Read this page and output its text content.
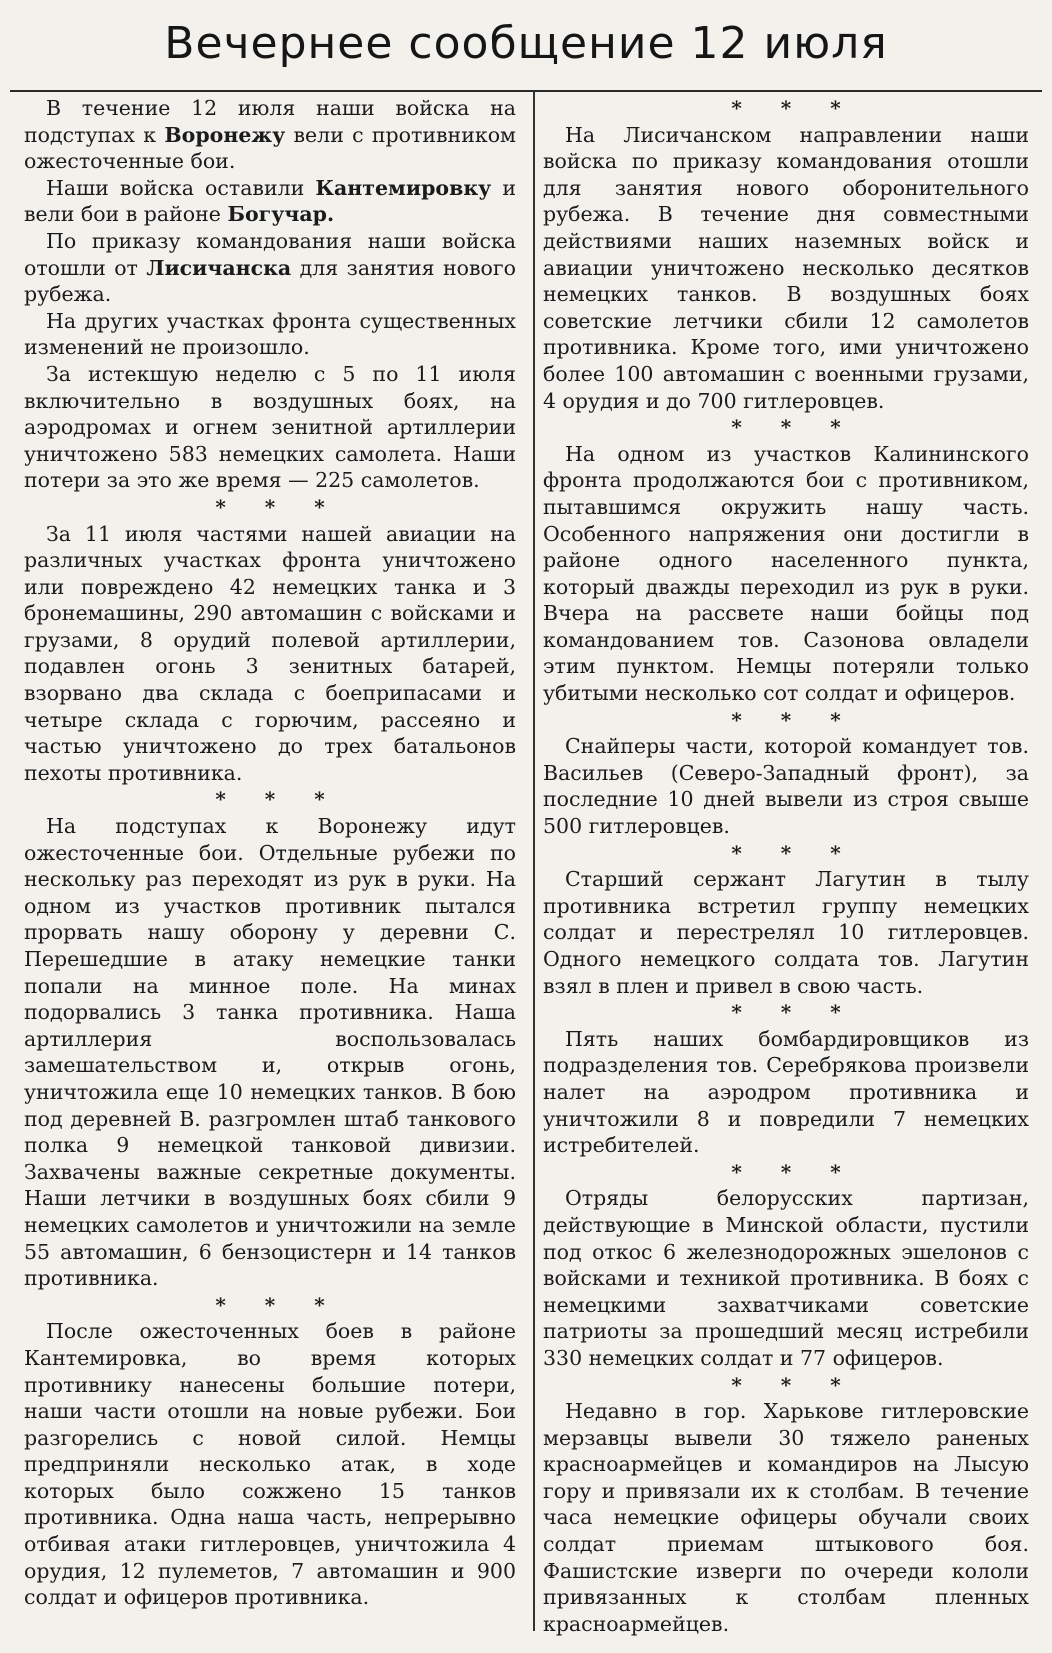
Вечернее сообщение 12 июля

В течение 12 июля наши войска на подступах к Воронежу вели с противником ожесточенные бои.

Наши войска оставили Кантемировку и вели бои в районе Богучар.

По приказу командования наши войска отошли от Лисичанска для занятия нового рубежа.

На других участках фронта существенных изменений не произошло.

За истекшую неделю с 5 по 11 июля включительно в воздушных боях, на аэродромах и огнем зенитной артиллерии уничтожено 583 немецких самолета. Наши потери за это же время — 225 самолетов.

* * *

За 11 июля частями нашей авиации на различных участках фронта уничтожено или повреждено 42 немецких танка и 3 бронемашины, 290 автомашин с войсками и грузами, 8 орудий полевой артиллерии, подавлен огонь 3 зенитных батарей, взорвано два склада с боеприпасами и четыре склада с горючим, рассеяно и частью уничтожено до трех батальонов пехоты противника.

* * *

На подступах к Воронежу идут ожесточенные бои. Отдельные рубежи по нескольку раз переходят из рук в руки. На одном из участков противник пытался прорвать нашу оборону у деревни С. Перешедшие в атаку немецкие танки попали на минное поле. На минах подорвались 3 танка противника. Наша артиллерия воспользовалась замешательством и, открыв огонь, уничтожила еще 10 немецких танков. В бою под деревней В. разгромлен штаб танкового полка 9 немецкой танковой дивизии. Захвачены важные секретные документы. Наши летчики в воздушных боях сбили 9 немецких самолетов и уничтожили на земле 55 автомашин, 6 бензоцистерн и 14 танков противника.

* * *

После ожесточенных боев в районе Кантемировка, во время которых противнику нанесены большие потери, наши части отошли на новые рубежи. Бои разгорелись с новой силой. Немцы предприняли несколько атак, в ходе которых было сожжено 15 танков противника. Одна наша часть, непрерывно отбивая атаки гитлеровцев, уничтожила 4 орудия, 12 пулеметов, 7 автомашин и 900 солдат и офицеров противника.

* * *

На Лисичанском направлении наши войска по приказу командования отошли для занятия нового оборонительного рубежа. В течение дня совместными действиями наших наземных войск и авиации уничтожено несколько десятков немецких танков. В воздушных боях советские летчики сбили 12 самолетов противника. Кроме того, ими уничтожено более 100 автомашин с военными грузами, 4 орудия и до 700 гитлеровцев.

* * *

На одном из участков Калининского фронта продолжаются бои с противником, пытавшимся окружить нашу часть. Особенного напряжения они достигли в районе одного населенного пункта, который дважды переходил из рук в руки. Вчера на рассвете наши бойцы под командованием тов. Сазонова овладели этим пунктом. Немцы потеряли только убитыми несколько сот солдат и офицеров.

* * *

Снайперы части, которой командует тов. Васильев (Северо-Западный фронт), за последние 10 дней вывели из строя свыше 500 гитлеровцев.

* * *

Старший сержант Лагутин в тылу противника встретил группу немецких солдат и перестрелял 10 гитлеровцев. Одного немецкого солдата тов. Лагутин взял в плен и привел в свою часть.

* * *

Пять наших бомбардировщиков из подразделения тов. Серебрякова произвели налет на аэродром противника и уничтожили 8 и повредили 7 немецких истребителей.

* * *

Отряды белорусских партизан, действующие в Минской области, пустили под откос 6 железнодорожных эшелонов с войсками и техникой противника. В боях с немецкими захватчиками советские патриоты за прошедший месяц истребили 330 немецких солдат и 77 офицеров.

* * *

Недавно в гор. Харькове гитлеровские мерзавцы вывели 30 тяжело раненых красноармейцев и командиров на Лысую гору и привязали их к столбам. В течение часа немецкие офицеры обучали своих солдат приемам штыкового боя. Фашистские изверги по очереди кололи привязанных к столбам пленных красноармейцев.
